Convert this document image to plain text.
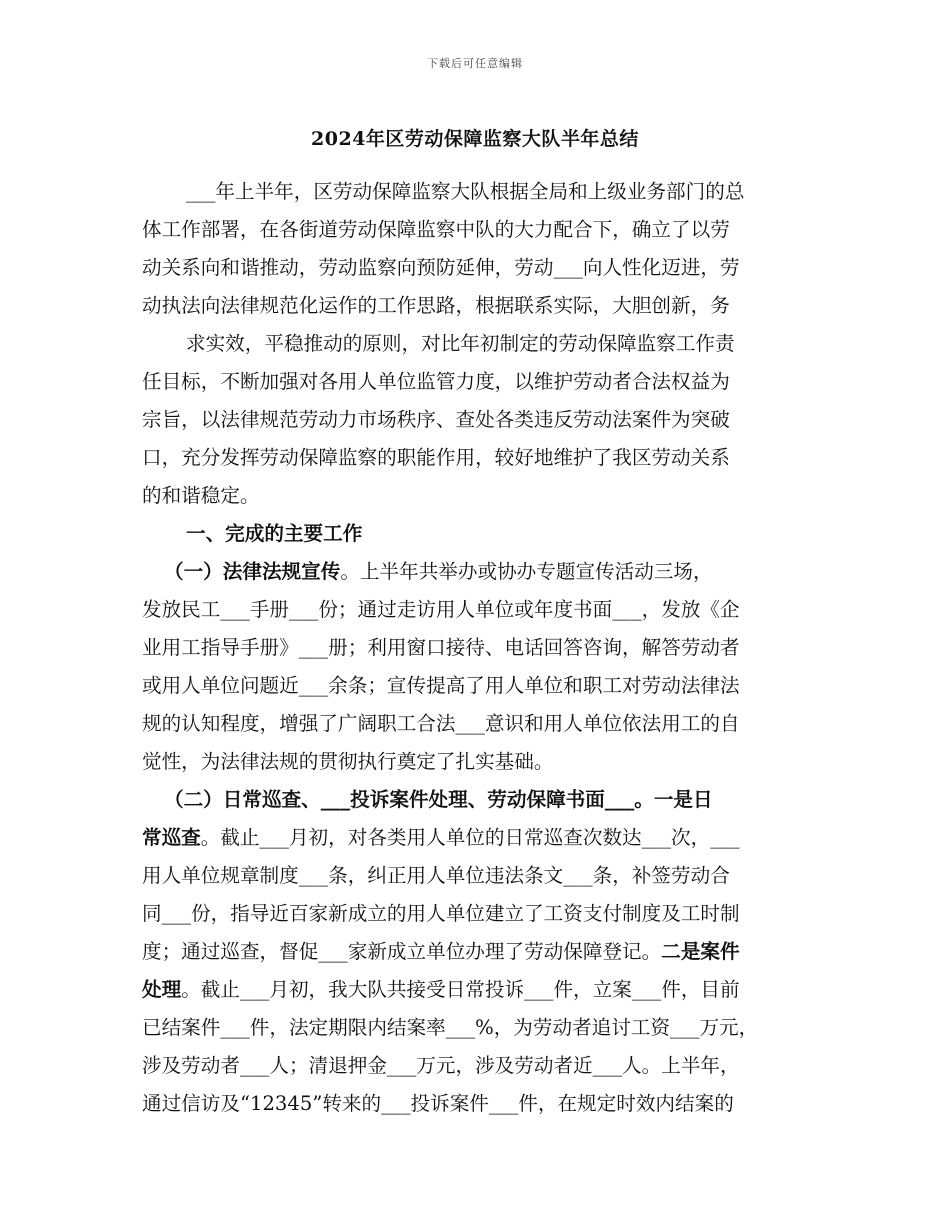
下载后可任意编辑
2024年区劳动保障监察大队半年总结
___年上半年，区劳动保障监察大队根据全局和上级业务部门的总
体工作部署，在各街道劳动保障监察中队的大力配合下，确立了以劳
动关系向和谐推动，劳动监察向预防延伸，劳动___向人性化迈进，劳
动执法向法律规范化运作的工作思路，根据联系实际，大胆创新，务
求实效，平稳推动的原则，对比年初制定的劳动保障监察工作责
任目标，不断加强对各用人单位监管力度，以维护劳动者合法权益为
宗旨，以法律规范劳动力市场秩序、查处各类违反劳动法案件为突破
口，充分发挥劳动保障监察的职能作用，较好地维护了我区劳动关系
的和谐稳定。
一、完成的主要工作
（一）法律法规宣传。上半年共举办或协办专题宣传活动三场，
发放民工___手册___份；通过走访用人单位或年度书面___，发放《企
业用工指导手册》___册；利用窗口接待、电话回答咨询，解答劳动者
或用人单位问题近___余条；宣传提高了用人单位和职工对劳动法律法
规的认知程度，增强了广阔职工合法___意识和用人单位依法用工的自
觉性，为法律法规的贯彻执行奠定了扎实基础。
（二）日常巡查、___投诉案件处理、劳动保障书面___。一是日
常巡查。截止___月初，对各类用人单位的日常巡查次数达___次，___
用人单位规章制度___条，纠正用人单位违法条文___条，补签劳动合
同___份，指导近百家新成立的用人单位建立了工资支付制度及工时制
度；通过巡查，督促___家新成立单位办理了劳动保障登记。二是案件
处理。截止___月初，我大队共接受日常投诉___件，立案___件，目前
已结案件___件，法定期限内结案率___%，为劳动者追讨工资___万元，
涉及劳动者___人；清退押金___万元，涉及劳动者近___人。上半年，
通过信访及“12345”转来的___投诉案件___件，在规定时效内结案的
